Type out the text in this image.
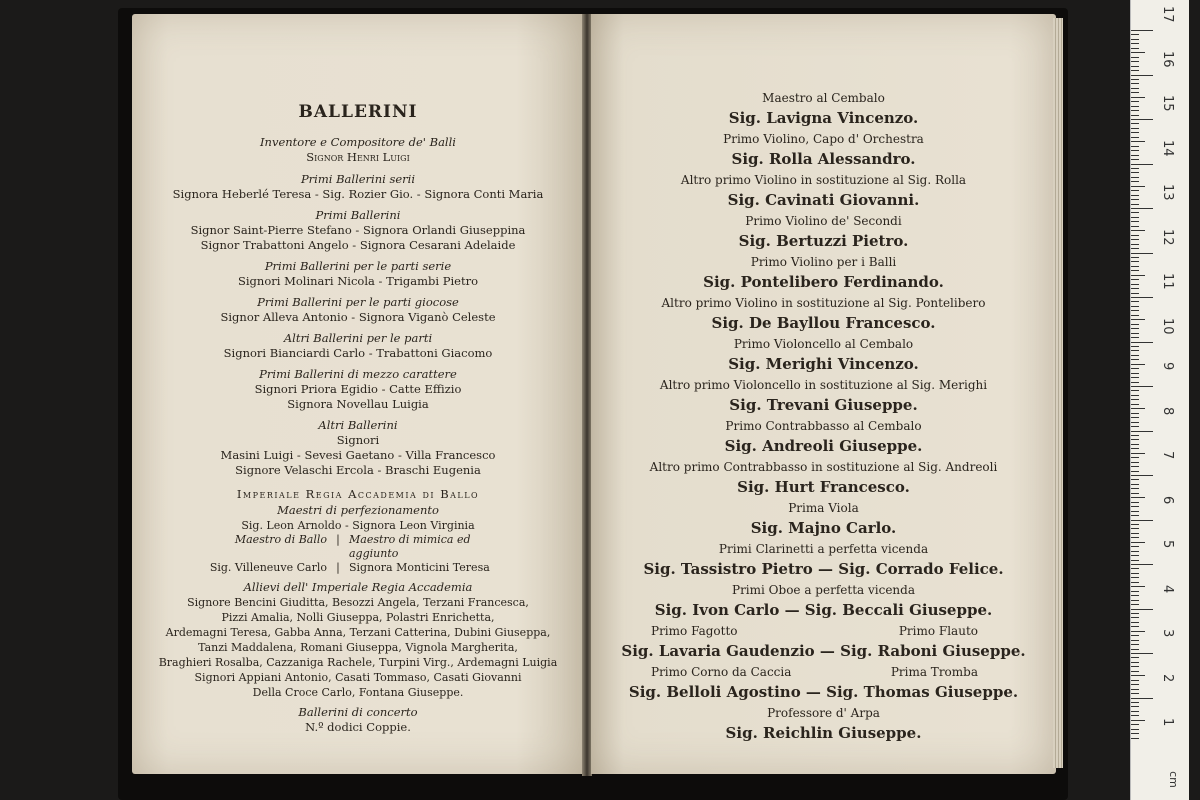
BALLERINI
Inventore e Compositore de' Balli
Signor Henri Luigi
Primi Ballerini serii
Signora Heberlé Teresa - Sig. Rozier Gio. - Signora Conti Maria
Primi Ballerini
Signor Saint-Pierre Stefano - Signora Orlandi Giuseppina
Signor Trabattoni Angelo - Signora Cesarani Adelaide
Primi Ballerini per le parti serie
Signori Molinari Nicola - Trigambi Pietro
Primi Ballerini per le parti giocose
Signor Alleva Antonio - Signora Viganò Celeste
Altri Ballerini per le parti
Signori Bianciardi Carlo - Trabattoni Giacomo
Primi Ballerini di mezzo carattere
Signori Priora Egidio - Catte Effizio
Signora Novellau Luigia
Altri Ballerini
Signori
Masini Luigi - Sevesi Gaetano - Villa Francesco
Signore Velaschi Ercola - Braschi Eugenia
Imperiale Regia Accademia di Ballo
Maestri di perfezionamento
Sig. Leon Arnoldo - Signora Leon Virginia
Maestro di Ballo | Maestro di mimica ed aggiunto
Sig. Villeneuve Carlo | Signora Monticini Teresa
Allievi dell' Imperiale Regia Accademia
Signore Bencini Giuditta, Besozzi Angela, Terzani Francesca,
Pizzi Amalia, Nolli Giuseppa, Polastri Enrichetta,
Ardemagni Teresa, Gabba Anna, Terzani Catterina, Dubini Giuseppa,
Tanzi Maddalena, Romani Giuseppa, Vignola Margherita,
Braghieri Rosalba, Cazzaniga Rachele, Turpini Virg., Ardemagni Luigia
Signori Appiani Antonio, Casati Tommaso, Casati Giovanni
Della Croce Carlo, Fontana Giuseppe.
Ballerini di concerto
N.º dodici Coppie.
Maestro al Cembalo
Sig. Lavigna Vincenzo.
Primo Violino, Capo d' Orchestra
Sig. Rolla Alessandro.
Altro primo Violino in sostituzione al Sig. Rolla
Sig. Cavinati Giovanni.
Primo Violino de' Secondi
Sig. Bertuzzi Pietro.
Primo Violino per i Balli
Sig. Pontelibero Ferdinando.
Altro primo Violino in sostituzione al Sig. Pontelibero
Sig. De Bayllou Francesco.
Primo Violoncello al Cembalo
Sig. Merighi Vincenzo.
Altro primo Violoncello in sostituzione al Sig. Merighi
Sig. Trevani Giuseppe.
Primo Contrabbasso al Cembalo
Sig. Andreoli Giuseppe.
Altro primo Contrabbasso in sostituzione al Sig. Andreoli
Sig. Hurt Francesco.
Prima Viola
Sig. Majno Carlo.
Primi Clarinetti a perfetta vicenda
Sig. Tassistro Pietro — Sig. Corrado Felice.
Primi Oboe a perfetta vicenda
Sig. Ivon Carlo — Sig. Beccali Giuseppe.
Primo Fagotto	Primo Flauto
Sig. Lavaria Gaudenzio — Sig. Raboni Giuseppe.
Primo Corno da Caccia	Prima Tromba
Sig. Belloli Agostino — Sig. Thomas Giuseppe.
Professore d' Arpa
Sig. Reichlin Giuseppe.
cm
17
16
15
14
13
12
11
10
9
8
7
6
5
4
3
2
1
